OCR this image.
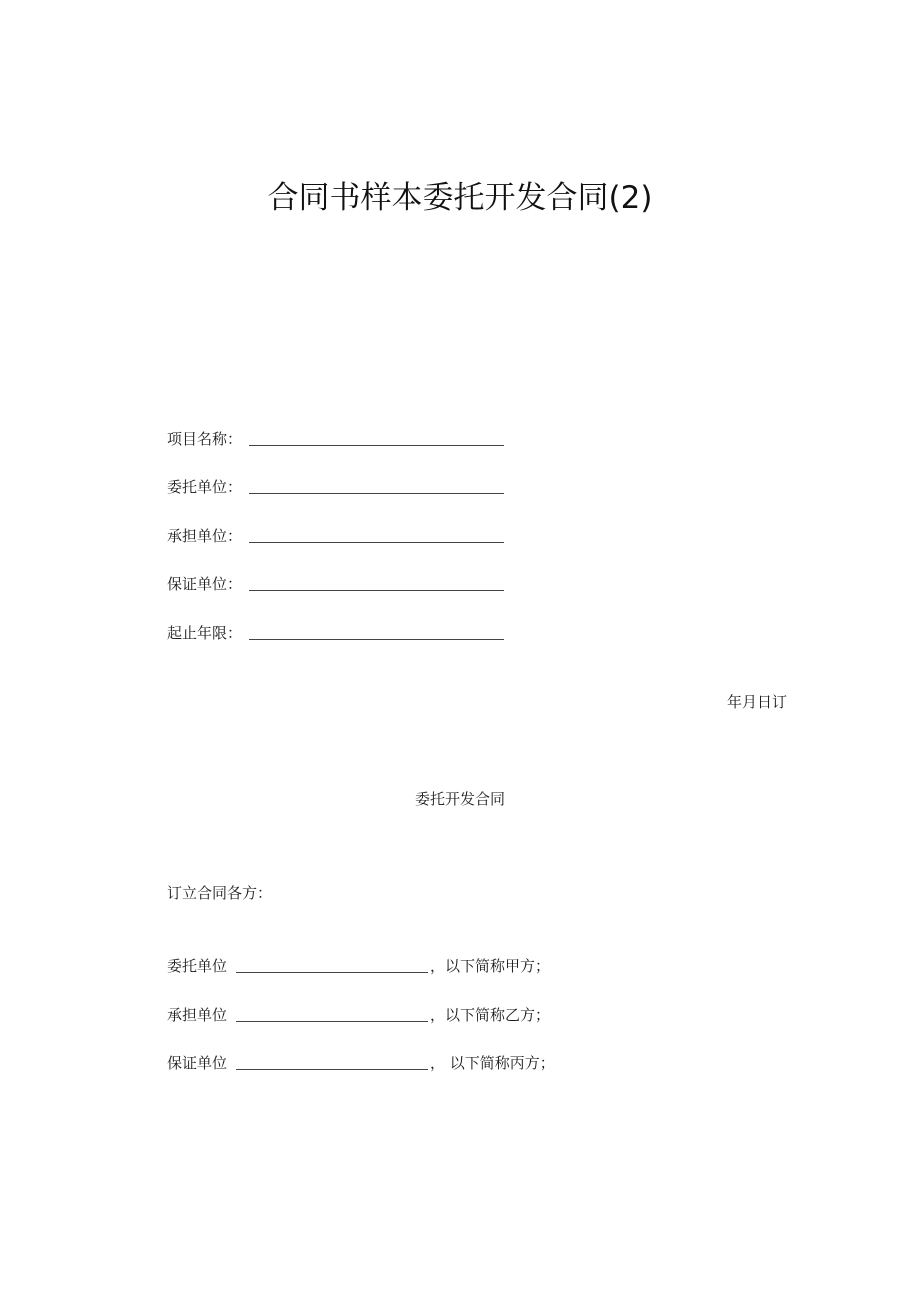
合同书样本委托开发合同(2)
项目名称：
委托单位：
承担单位：
保证单位：
起止年限：
年月日订
委托开发合同
订立合同各方：
委托单位	，以下简称甲方；
承担单位	，以下简称乙方；
保证单位	， 以下简称丙方；
